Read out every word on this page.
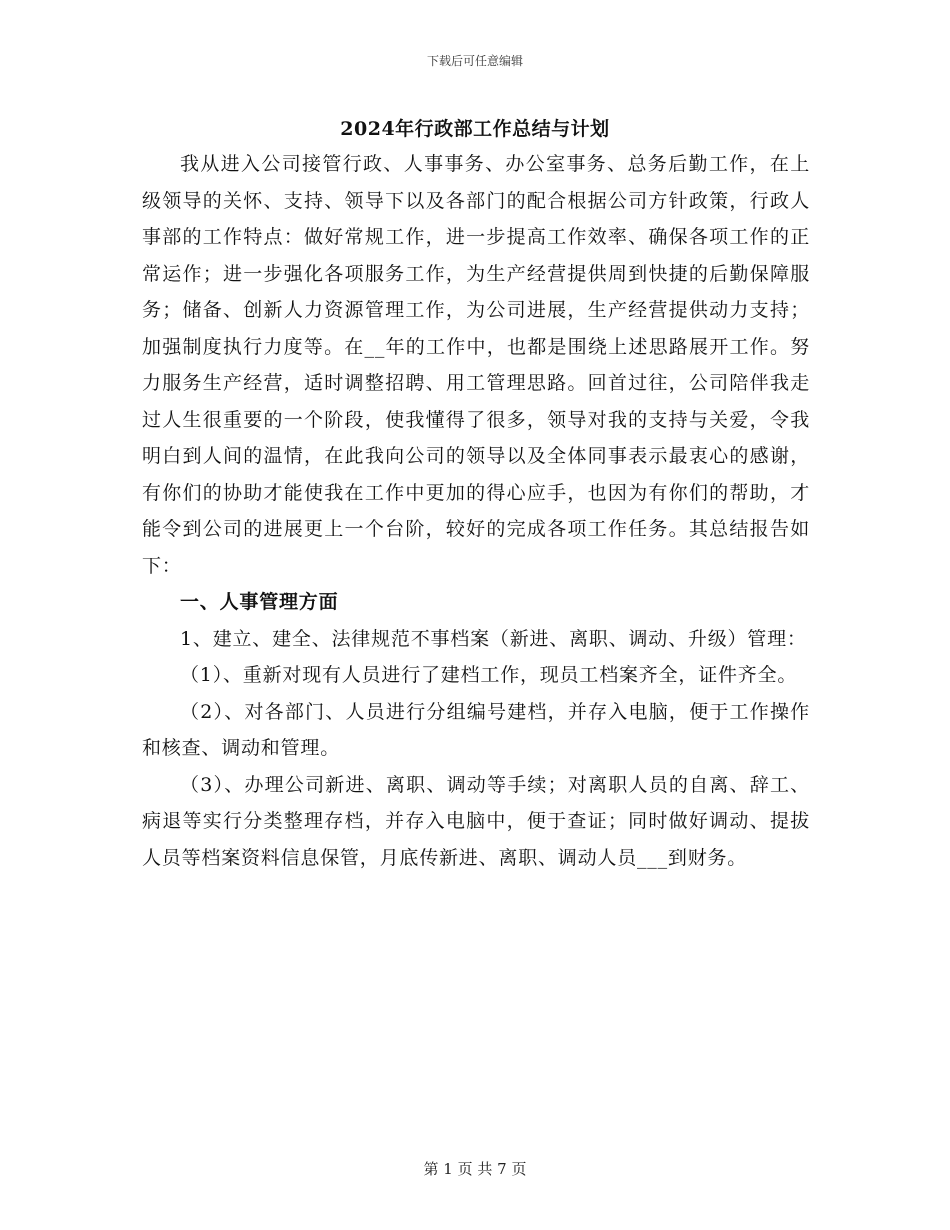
下载后可任意编辑
2024年行政部工作总结与计划

我从进入公司接管行政、人事事务、办公室事务、总务后勤工作，在上级领导的关怀、支持、领导下以及各部门的配合根据公司方针政策，行政人事部的工作特点：做好常规工作，进一步提高工作效率、确保各项工作的正常运作；进一步强化各项服务工作，为生产经营提供周到快捷的后勤保障服务；储备、创新人力资源管理工作，为公司进展，生产经营提供动力支持；加强制度执行力度等。在__年的工作中，也都是围绕上述思路展开工作。努力服务生产经营，适时调整招聘、用工管理思路。回首过往，公司陪伴我走过人生很重要的一个阶段，使我懂得了很多，领导对我的支持与关爱，令我明白到人间的温情，在此我向公司的领导以及全体同事表示最衷心的感谢，有你们的协助才能使我在工作中更加的得心应手，也因为有你们的帮助，才能令到公司的进展更上一个台阶，较好的完成各项工作任务。其总结报告如下：

一、人事管理方面

1、建立、建全、法律规范不事档案（新进、离职、调动、升级）管理：

（1）、重新对现有人员进行了建档工作，现员工档案齐全，证件齐全。

（2）、对各部门、人员进行分组编号建档，并存入电脑，便于工作操作和核查、调动和管理。

（3）、办理公司新进、离职、调动等手续；对离职人员的自离、辞工、病退等实行分类整理存档，并存入电脑中，便于查证；同时做好调动、提拔人员等档案资料信息保管，月底传新进、离职、调动人员___到财务。

第 1 页 共 7 页
